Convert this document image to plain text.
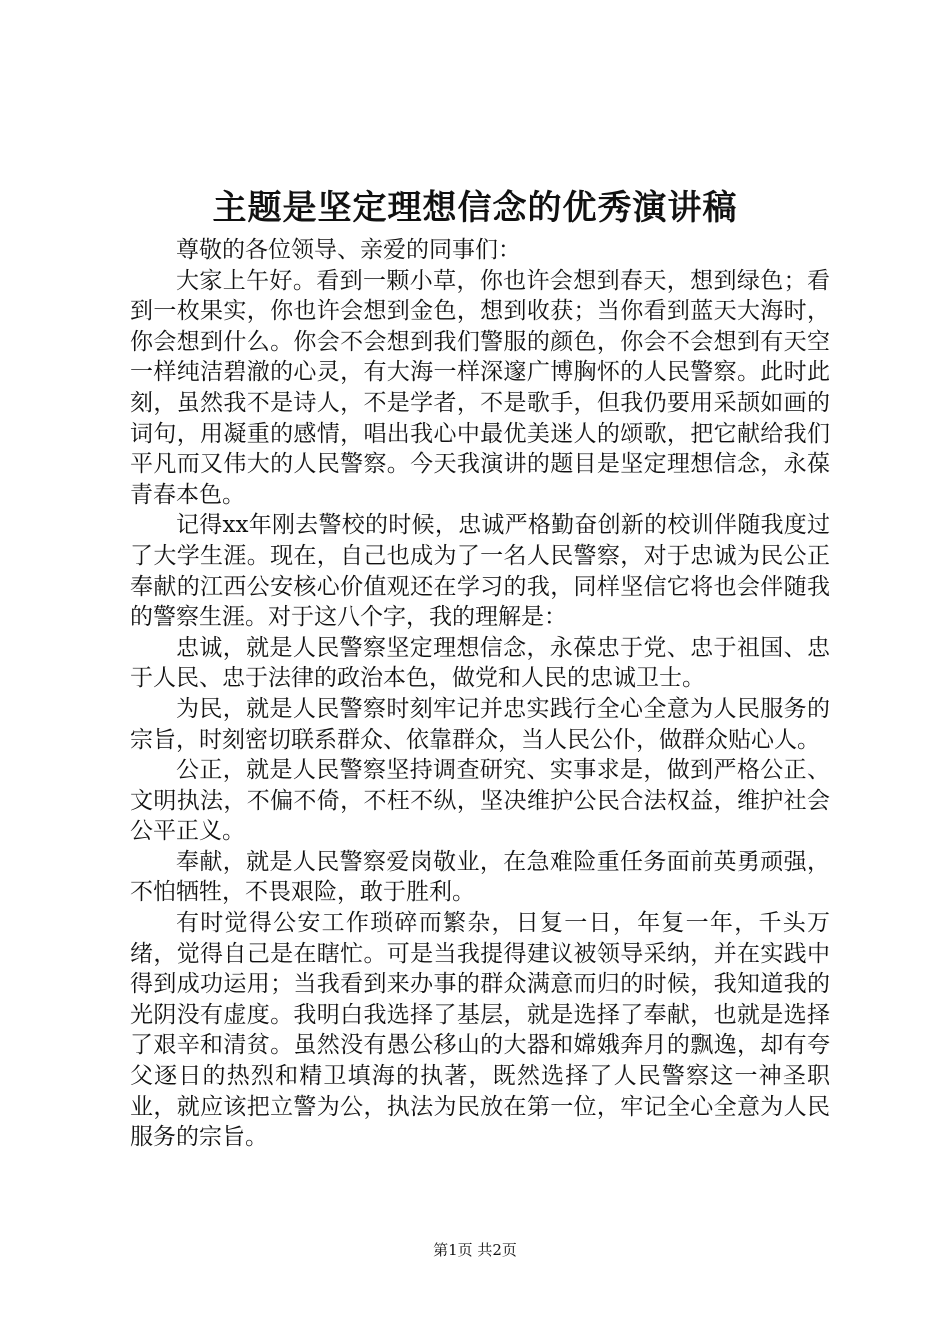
主题是坚定理想信念的优秀演讲稿

尊敬的各位领导、亲爱的同事们：

大家上午好。看到一颗小草，你也许会想到春天，想到绿色；看到一枚果实，你也许会想到金色，想到收获；当你看到蓝天大海时，你会想到什么。你会不会想到我们警服的颜色，你会不会想到有天空一样纯洁碧澈的心灵，有大海一样深邃广博胸怀的人民警察。此时此刻，虽然我不是诗人，不是学者，不是歌手，但我仍要用采颉如画的词句，用凝重的感情，唱出我心中最优美迷人的颂歌，把它献给我们平凡而又伟大的人民警察。今天我演讲的题目是坚定理想信念，永葆青春本色。

记得xx年刚去警校的时候，忠诚严格勤奋创新的校训伴随我度过了大学生涯。现在，自己也成为了一名人民警察，对于忠诚为民公正奉献的江西公安核心价值观还在学习的我，同样坚信它将也会伴随我的警察生涯。对于这八个字，我的理解是：

忠诚，就是人民警察坚定理想信念，永葆忠于党、忠于祖国、忠于人民、忠于法律的政治本色，做党和人民的忠诚卫士。

为民，就是人民警察时刻牢记并忠实践行全心全意为人民服务的宗旨，时刻密切联系群众、依靠群众，当人民公仆，做群众贴心人。

公正，就是人民警察坚持调查研究、实事求是，做到严格公正、文明执法，不偏不倚，不枉不纵，坚决维护公民合法权益，维护社会公平正义。

奉献，就是人民警察爱岗敬业，在急难险重任务面前英勇顽强，不怕牺牲，不畏艰险，敢于胜利。

有时觉得公安工作琐碎而繁杂，日复一日，年复一年，千头万绪，觉得自己是在瞎忙。可是当我提得建议被领导采纳，并在实践中得到成功运用；当我看到来办事的群众满意而归的时候，我知道我的光阴没有虚度。我明白我选择了基层，就是选择了奉献，也就是选择了艰辛和清贫。虽然没有愚公移山的大器和嫦娥奔月的飘逸，却有夸父逐日的热烈和精卫填海的执著，既然选择了人民警察这一神圣职业，就应该把立警为公，执法为民放在第一位，牢记全心全意为人民服务的宗旨。

第1页 共2页
